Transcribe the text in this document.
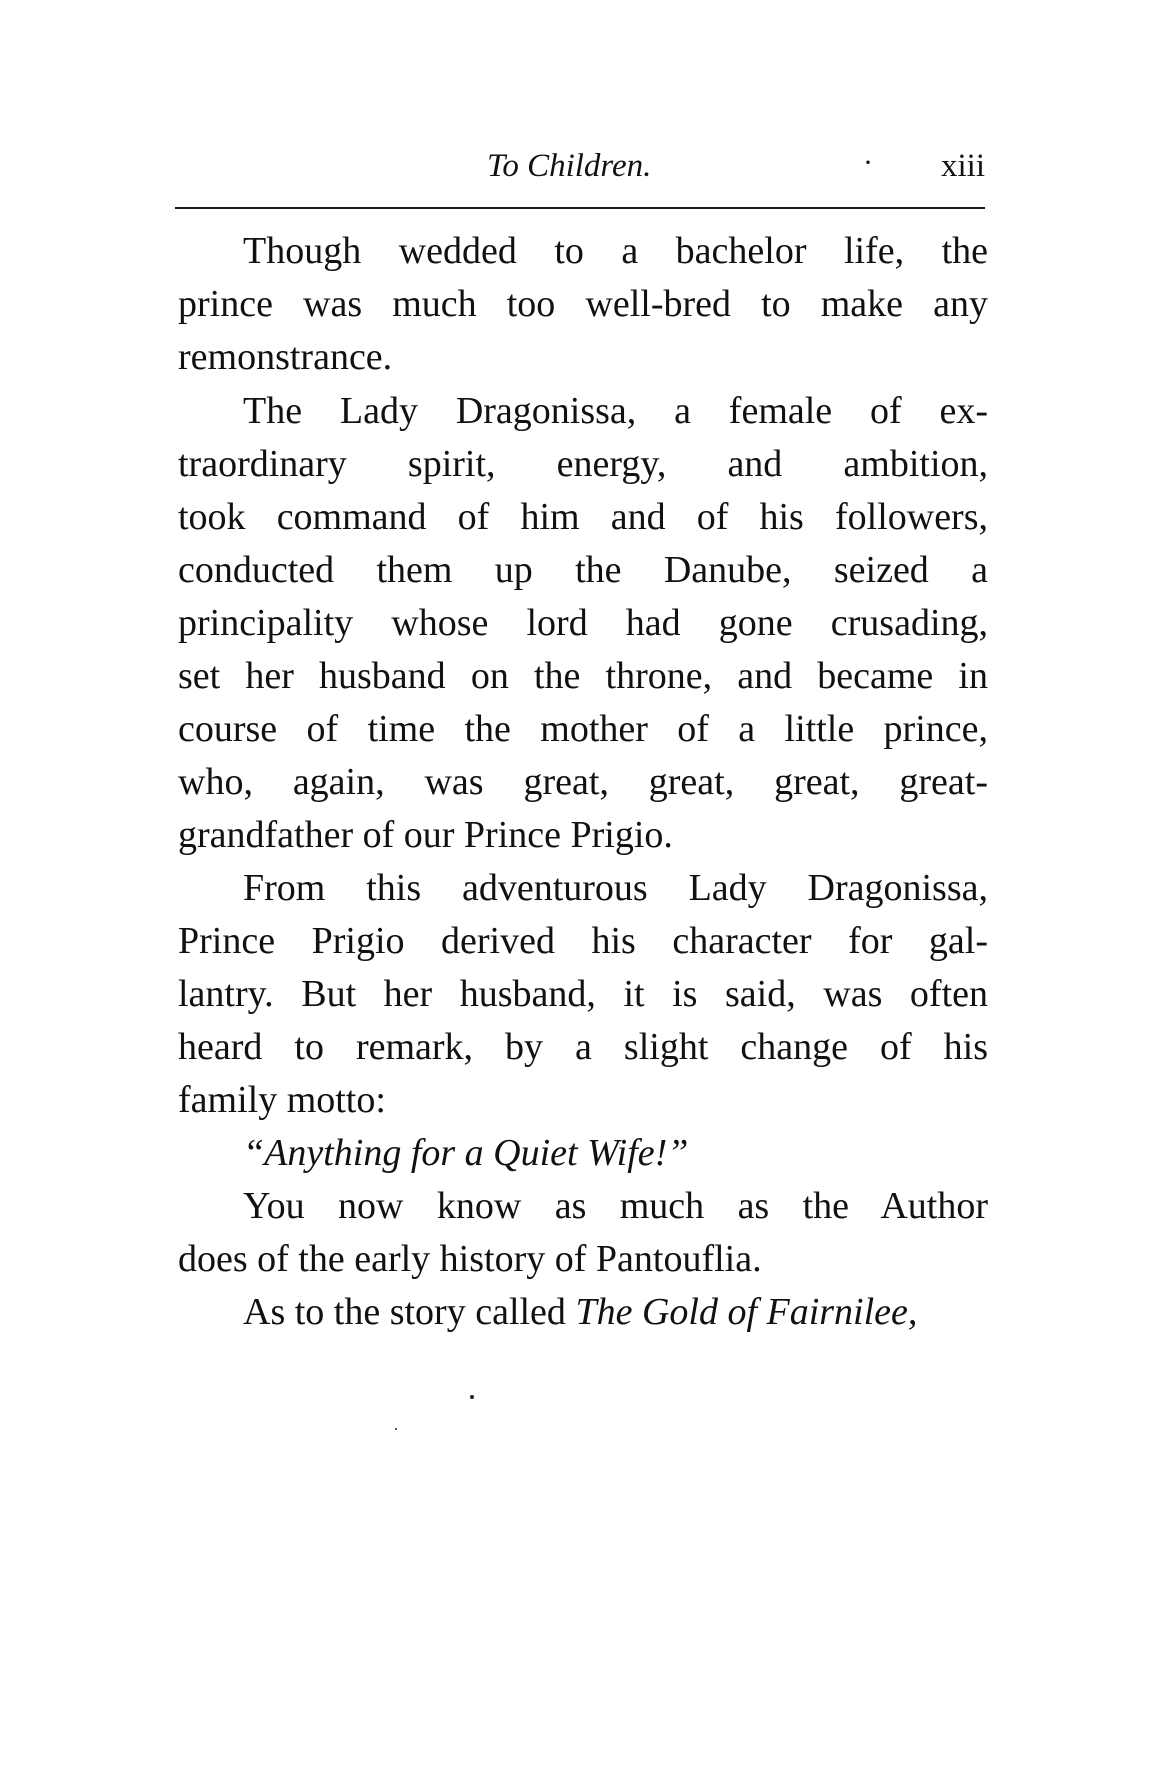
To Children.	· xiii
Though wedded to a bachelor life, the
prince was much too well-bred to make any
remonstrance.
The Lady Dragonissa, a female of ex-
traordinary spirit, energy, and ambition,
took command of him and of his followers,
conducted them up the Danube, seized a
principality whose lord had gone crusading,
set her husband on the throne, and became in
course of time the mother of a little prince,
who, again, was great, great, great, great-
grandfather of our Prince Prigio.
From this adventurous Lady Dragonissa,
Prince Prigio derived his character for gal-
lantry. But her husband, it is said, was often
heard to remark, by a slight change of his
family motto:
“Anything for a Quiet Wife!”
You now know as much as the Author
does of the early history of Pantouflia.
As to the story called The Gold of Fairnilee,
